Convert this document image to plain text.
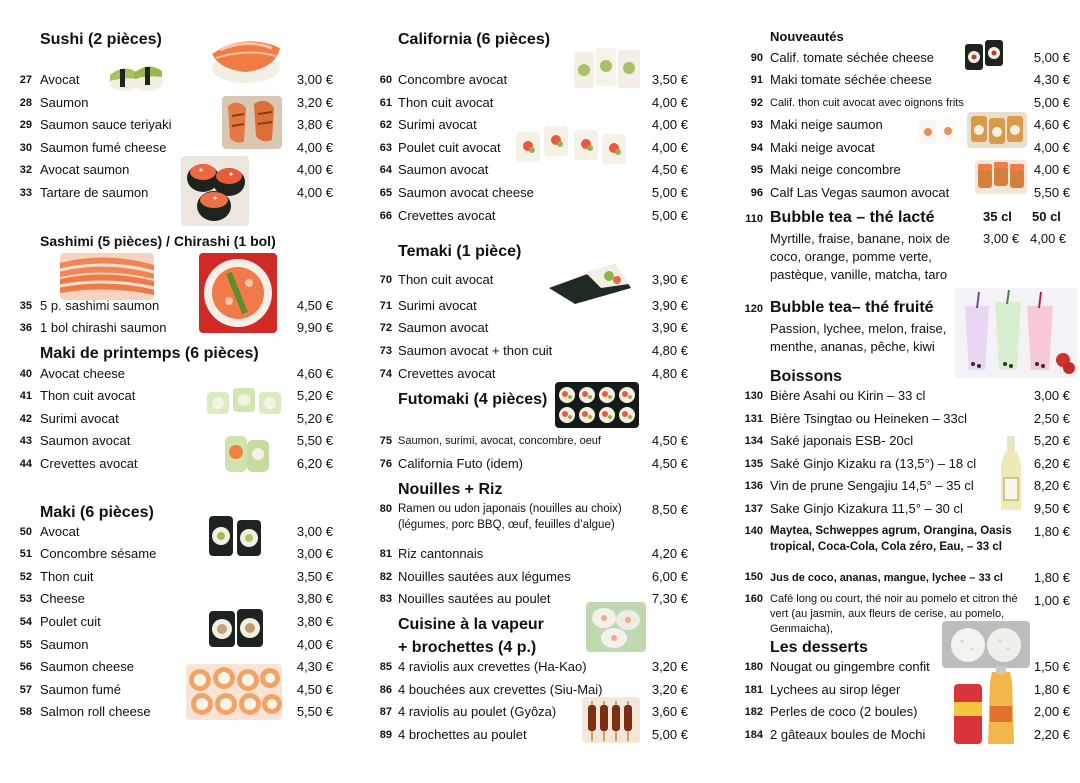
Sushi (2 pièces)
27 Avocat	3,00 €
28 Saumon	3,20 €
29 Saumon sauce teriyaki	3,80 €
30 Saumon fumé cheese	4,00 €
32 Avocat saumon	4,00 €
33 Tartare de saumon	4,00 €
Sashimi (5 pièces) / Chirashi (1 bol)
35 5 p. sashimi saumon	4,50 €
36 1 bol chirashi saumon	9,90 €
Maki de printemps (6 pièces)
40 Avocat cheese	4,60 €
41 Thon cuit avocat	5,20 €
42 Surimi avocat	5,20 €
43 Saumon avocat	5,50 €
44 Crevettes avocat	6,20 €
Maki (6 pièces)
50 Avocat	3,00 €
51 Concombre sésame	3,00 €
52 Thon cuit	3,50 €
53 Cheese	3,80 €
54 Poulet cuit	3,80 €
55 Saumon	4,00 €
56 Saumon cheese	4,30 €
57 Saumon fumé	4,50 €
58 Salmon roll cheese	5,50 €
California (6 pièces)
60 Concombre avocat	3,50 €
61 Thon cuit avocat	4,00 €
62 Surimi avocat	4,00 €
63 Poulet cuit avocat	4,00 €
64 Saumon avocat	4,50 €
65 Saumon avocat cheese	5,00 €
66 Crevettes avocat	5,00 €
Temaki (1 pièce)
70 Thon cuit avocat	3,90 €
71 Surimi avocat	3,90 €
72 Saumon avocat	3,90 €
73 Saumon avocat + thon cuit	4,80 €
74 Crevettes avocat	4,80 €
Futomaki (4 pièces)
75 Saumon, surimi, avocat, concombre, oeuf	4,50 €
76 California Futo (idem)	4,50 €
Nouilles + Riz
80 Ramen ou udon japonais (nouilles au choix)
(légumes, porc BBQ, œuf, feuilles d’algue)
8,50 €
81 Riz cantonnais	4,20 €
82 Nouilles sautées aux légumes	6,00 €
83 Nouilles sautées au poulet	7,30 €
Cuisine à la vapeur
+ brochettes (4 p.)
85 4 raviolis aux crevettes (Ha-Kao)	3,20 €
86 4 bouchées aux crevettes (Siu-Mai)	3,20 €
87 4 raviolis au poulet (Gyôza)	3,60 €
89 4 brochettes au poulet	5,00 €
Nouveautés
90 Calif. tomate séchée cheese	5,00 €
91 Maki tomate séchée cheese	4,30 €
92 Calif. thon cuit avocat avec oignons frits	5,00 €
93 Maki neige saumon	4,60 €
94 Maki neige avocat	4,00 €
95 Maki neige concombre	4,00 €
96 Calf Las Vegas saumon avocat	5,50 €
110 Bubble tea – thé lacté	35 cl 50 cl
Myrtille, fraise, banane, noix de
coco, orange, pomme verte,
pastèque, vanille, matcha, taro
3,00 € 4,00 €
120 Bubble tea– thé fruité
Passion, lychee, melon, fraise,
menthe, ananas, pêche, kiwi
Boissons
130 Bière Asahi ou Kirin – 33 cl	3,00 €
131 Bière Tsingtao ou Heineken – 33cl	2,50 €
134 Saké japonais ESB- 20cl	5,20 €
135 Saké Ginjo Kizaku ra (13,5°) – 18 cl	6,20 €
136 Vin de prune Sengajiu 14,5° – 35 cl	8,20 €
137 Sake Ginjo Kizakura 11,5° – 30 cl	9,50 €
140 Maytea, Schweppes agrum, Orangina, Oasis
tropical, Coca-Cola, Cola zéro, Eau, – 33 cl
1,80 €
150 Jus de coco, ananas, mangue, lychee – 33 cl	1,80 €
160 Café long ou court, thé noir au pomelo et citron thé
vert (au jasmin, aux fleurs de cerise, au pomelo,
Genmaicha),
1,00 €
Les desserts
180 Nougat ou gingembre confit	1,50 €
181 Lychees au sirop léger	1,80 €
182 Perles de coco (2 boules)	2,00 €
184 2 gâteaux boules de Mochi	2,20 €
